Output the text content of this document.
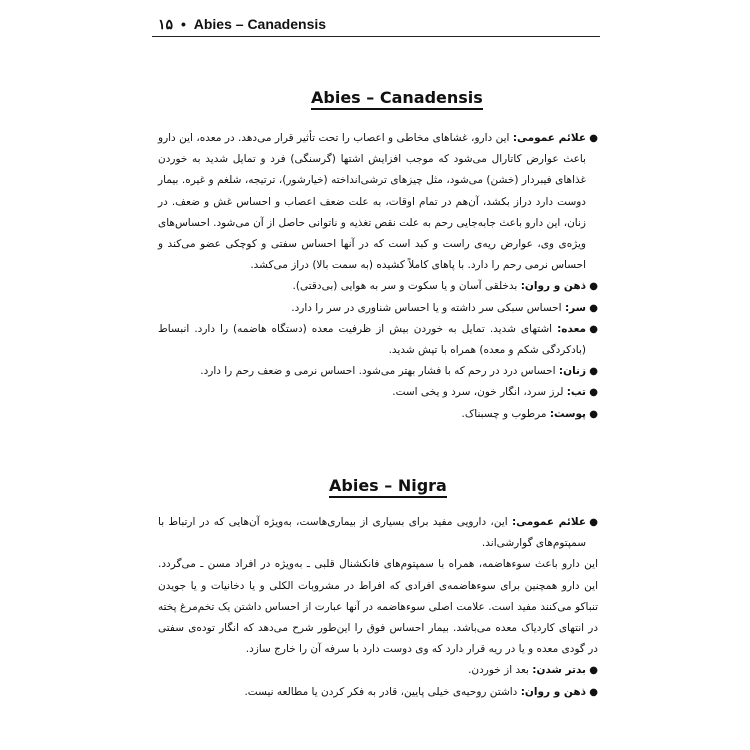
١۵ • Abies – Canadensis
Abies – Canadensis
●
علائم عمومی: این دارو، غشاهای مخاطی و اعصاب را تحت تأثیر قرار می‌دهد. در معده، این دارو باعث عوارض کاتارال می‌شود که موجب افزایش اشتها (گرسنگی) فرد و تمایل شدید به خوردن غذاهای فیبردار (خشن) می‌شود، مثل چیزهای ترشی‌انداخته (خیارشور)، ترتیجه، شلغم و غیره. بیمار دوست دارد دراز بکشد، آن‌هم در تمام اوقات، به علت ضعف اعصاب و احساس غش و ضعف. در زنان، این دارو باعث جابه‌جایی رحم به علت نقص تغذیه و ناتوانی حاصل از آن می‌شود. احساس‌های ویژه‌ی وی، عوارض ریه‌ی راست و کبد است که در آنها احساس سفتی و کوچکی عضو می‌کند و احساس نرمی رحم را دارد. با پاهای کاملاً کشیده (به سمت بالا) دراز می‌کشد.
●
ذهن و روان: بدخلقی آسان و یا سکوت و سر به هوایی (بی‌دقتی).
●
سر: احساس سبکی سر داشته و یا احساس شناوری در سر را دارد.
●
معده: اشتهای شدید. تمایل به خوردن بیش از ظرفیت معده (دستگاه هاضمه) را دارد. انبساط (بادکردگی شکم و معده) همراه با تپش شدید.
●
زنان: احساس درد در رحم که با فشار بهتر می‌شود. احساس نرمی و ضعف رحم را دارد.
●
تب: لرز سرد، انگار خون، سرد و یخی است.
●
پوست: مرطوب و چسبناک.
Abies – Nigra
●
علائم عمومی: این، دارویی مفید برای بسیاری از بیماری‌هاست، به‌ویژه آن‌هایی که در ارتباط با سمپتوم‌های گوارشی‌اند.

این دارو باعث سوءهاضمه، همراه با سمپتوم‌های فانکشنال قلبی ـ به‌ویژه در افراد مسن ـ می‌گردد. این دارو همچنین برای سوءهاضمه‌ی افرادی که افراط در مشروبات الکلی و یا دخانیات و یا جویدن تنباکو می‌کنند مفید است. علامت اصلی سوءهاضمه در آنها عبارت از احساس داشتن یک تخم‌مرغ پخته در انتهای کاردیاک معده می‌باشد. بیمار احساس فوق را این‌طور شرح می‌دهد که انگار توده‌ی سفتی در گودی معده و یا در ریه قرار دارد که وی دوست دارد با سرفه آن را خارج سازد.

●
بدتر شدن: بعد از خوردن.
●
ذهن و روان: داشتن روحیه‌ی خیلی پایین، قادر به فکر کردن یا مطالعه نیست.
